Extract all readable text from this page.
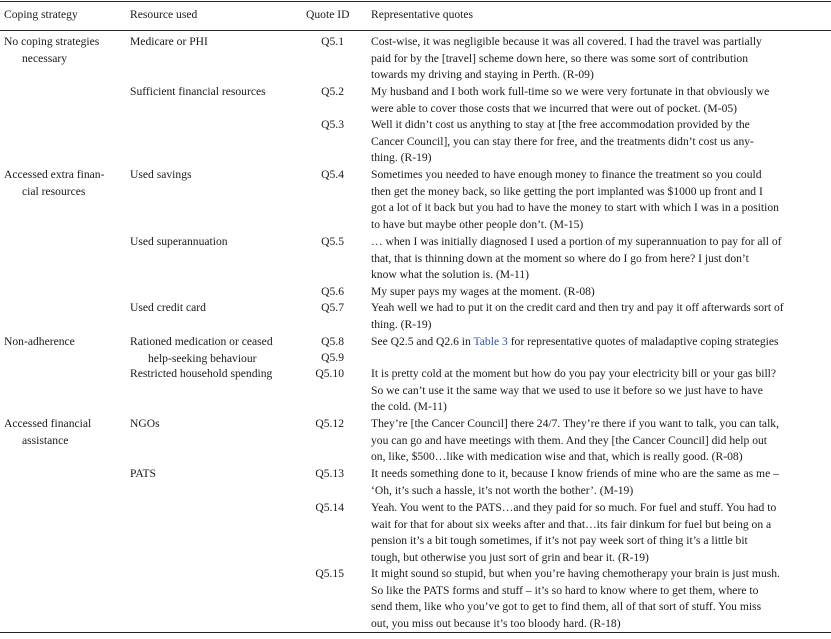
Coping strategy	Resource used	Quote ID Representative quotes
No coping strategies
necessary
Accessed extra finan-
cial resources
Non-adherence
Accessed financial
assistance
Medicare or PHI
Sufficient financial resources
Used savings
Used superannuation
Used credit card
Rationed medication or ceased
help-seeking behaviour
Restricted household spending
NGOs
PATS
Q5.1
Q5.2
Q5.3
Q5.4
Q5.5
Q5.6
Q5.7
Q5.8
Q5.9
Q5.10
Q5.12
Q5.13
Q5.14
Q5.15
Cost-wise, it was negligible because it was all covered. I had the travel was partially
paid for by the [travel] scheme down here, so there was some sort of contribution
towards my driving and staying in Perth. (R-09)
My husband and I both work full-time so we were very fortunate in that obviously we
were able to cover those costs that we incurred that were out of pocket. (M-05)
Well it didn’t cost us anything to stay at [the free accommodation provided by the
Cancer Council], you can stay there for free, and the treatments didn’t cost us any-
thing. (R-19)
Sometimes you needed to have enough money to finance the treatment so you could
then get the money back, so like getting the port implanted was $1000 up front and I
got a lot of it back but you had to have the money to start with which I was in a position
to have but maybe other people don’t. (M-15)
… when I was initially diagnosed I used a portion of my superannuation to pay for all of
that, that is thinning down at the moment so where do I go from here? I just don’t
know what the solution is. (M-11)
My super pays my wages at the moment. (R-08)
Yeah well we had to put it on the credit card and then try and pay it off afterwards sort of
thing. (R-19)
See Q2.5 and Q2.6 in Table 3 for representative quotes of maladaptive coping strategies
It is pretty cold at the moment but how do you pay your electricity bill or your gas bill?
So we can’t use it the same way that we used to use it before so we just have to have
the cold. (M-11)
They’re [the Cancer Council] there 24/7. They’re there if you want to talk, you can talk,
you can go and have meetings with them. And they [the Cancer Council] did help out
on, like, $500…like with medication wise and that, which is really good. (R-08)
It needs something done to it, because I know friends of mine who are the same as me –
‘Oh, it’s such a hassle, it’s not worth the bother’. (M-19)
Yeah. You went to the PATS…and they paid for so much. For fuel and stuff. You had to
wait for that for about six weeks after and that…its fair dinkum for fuel but being on a
pension it’s a bit tough sometimes, if it’s not pay week sort of thing it’s a little bit
tough, but otherwise you just sort of grin and bear it. (R-19)
It might sound so stupid, but when you’re having chemotherapy your brain is just mush.
So like the PATS forms and stuff – it’s so hard to know where to get them, where to
send them, like who you’ve got to get to find them, all of that sort of stuff. You miss
out, you miss out because it’s too bloody hard. (R-18)
